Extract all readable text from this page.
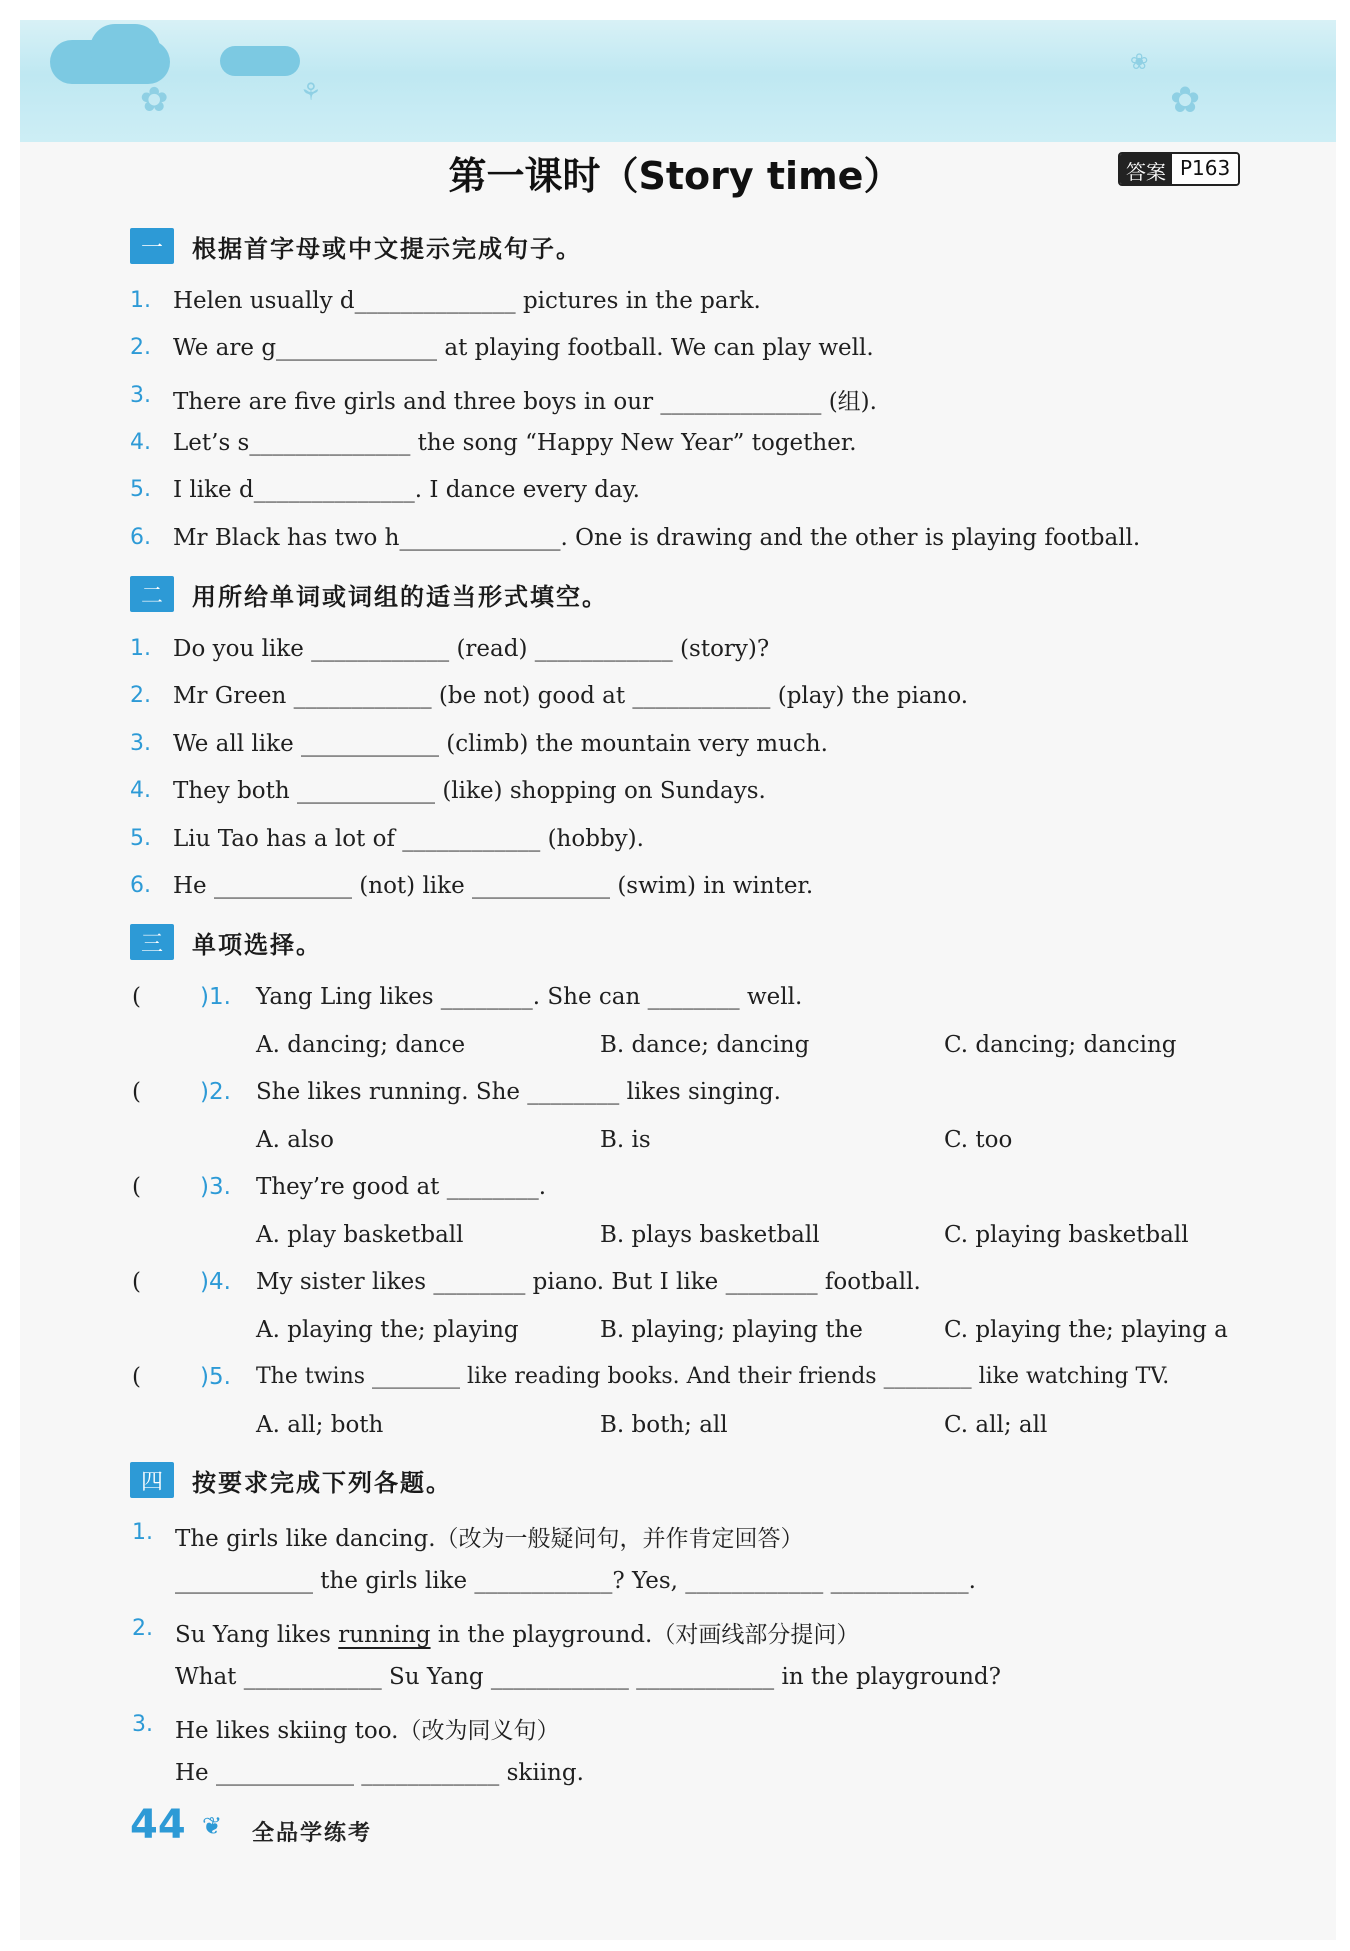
✿	⚘	✿
❀
第一课时（Story time）	答案 P163
一	根据首字母或中文提示完成句子。
1. Helen usually d______________ pictures in the park.
2. We are g______________ at playing football. We can play well.
3. There are five girls and three boys in our ______________ (组).
4. Let’s s______________ the song “Happy New Year” together.
5. I like d______________. I dance every day.
6. Mr Black has two h______________. One is drawing and the other is playing football.
二	用所给单词或词组的适当形式填空。
1. Do you like ____________ (read) ____________ (story)?
2. Mr Green ____________ (be not) good at ____________ (play) the piano.
3. We all like ____________ (climb) the mountain very much.
4. They both ____________ (like) shopping on Sundays.
5. Liu Tao has a lot of ____________ (hobby).
6. He ____________ (not) like ____________ (swim) in winter.
三	单项选择。
(	)1. Yang Ling likes ________. She can ________ well.
A. dancing; dance	B. dance; dancing	C. dancing; dancing
(	)2. She likes running. She ________ likes singing.
A. also	B. is	C. too
(	)3. They’re good at ________.
A. play basketball	B. plays basketball	C. playing basketball
(	)4. My sister likes ________ piano. But I like ________ football.
A. playing the; playing	B. playing; playing the	C. playing the; playing a
(	)5. The twins ________ like reading books. And their friends ________ like watching TV.
A. all; both	B. both; all	C. all; all
四	按要求完成下列各题。
1. The girls like dancing.（改为一般疑问句，并作肯定回答）
____________ the girls like ____________? Yes, ____________ ____________.
2. Su Yang likes running in the playground.（对画线部分提问）
What ____________ Su Yang ____________ ____________ in the playground?
3. He likes skiing too.（改为同义句）
He ____________ ____________ skiing.
44 ❦ 全品学练考
